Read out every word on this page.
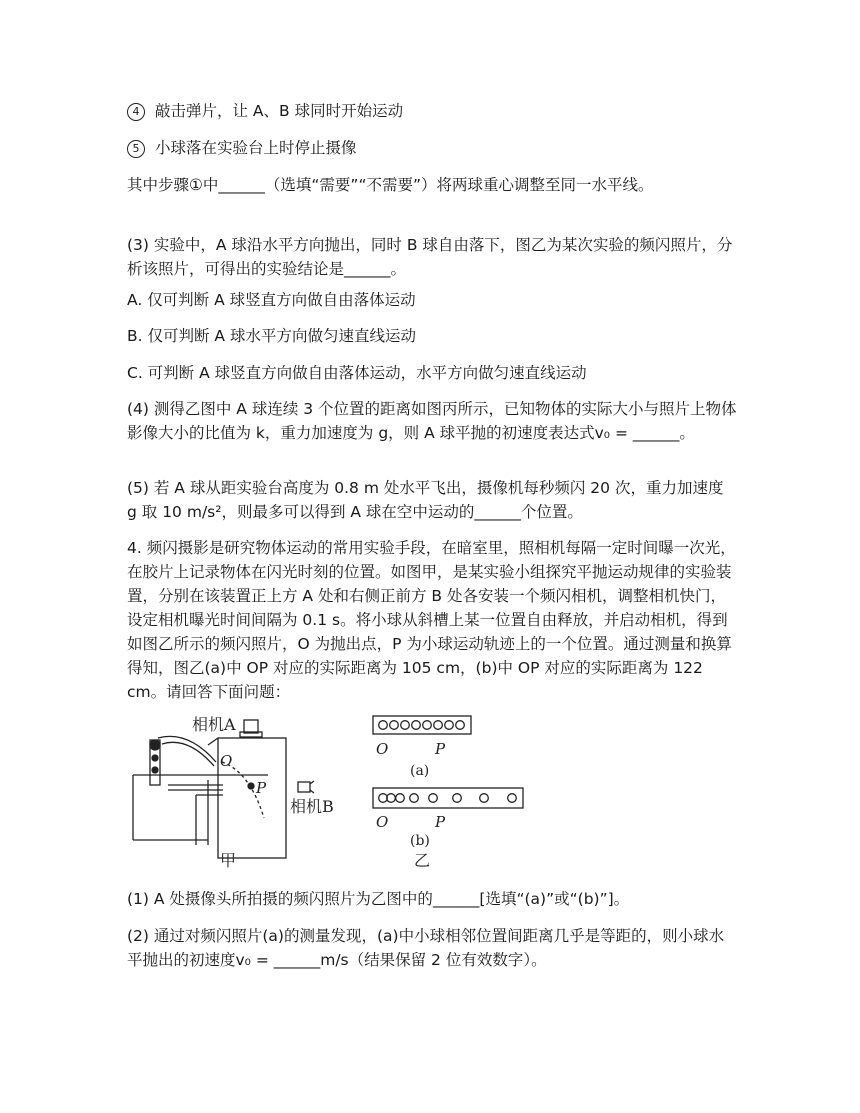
4 敲击弹片，让 A、B 球同时开始运动

5 小球落在实验台上时停止摄像

其中步骤①中______（选填“需要”“不需要”）将两球重心调整至同一水平线。

(3) 实验中，A 球沿水平方向抛出，同时 B 球自由落下，图乙为某次实验的频闪照片，分析该照片，可得出的实验结论是______。

A. 仅可判断 A 球竖直方向做自由落体运动

B. 仅可判断 A 球水平方向做匀速直线运动

C. 可判断 A 球竖直方向做自由落体运动，水平方向做匀速直线运动

(4) 测得乙图中 A 球连续 3 个位置的距离如图丙所示，已知物体的实际大小与照片上物体影像大小的比值为 k，重力加速度为 g，则 A 球平抛的初速度表达式v₀ = ______。

(5) 若 A 球从距实验台高度为 0.8 m 处水平飞出，摄像机每秒频闪 20 次，重力加速度 g 取 10 m/s²，则最多可以得到 A 球在空中运动的______个位置。

4. 频闪摄影是研究物体运动的常用实验手段，在暗室里，照相机每隔一定时间曝一次光，在胶片上记录物体在闪光时刻的位置。如图甲，是某实验小组探究平抛运动规律的实验装置，分别在该装置正上方 A 处和右侧正前方 B 处各安装一个频闪相机，调整相机快门，设定相机曝光时间间隔为 0.1 s。将小球从斜槽上某一位置自由释放，并启动相机，得到如图乙所示的频闪照片，O 为抛出点，P 为小球运动轨迹上的一个位置。通过测量和换算得知，图乙(a)中 OP 对应的实际距离为 105 cm，(b)中 OP 对应的实际距离为 122 cm。请回答下面问题：

相机A
O
P
相机B
甲
O	P
(a)
O	P
(b)
乙

(1) A 处摄像头所拍摄的频闪照片为乙图中的______[选填“(a)”或“(b)”]。

(2) 通过对频闪照片(a)的测量发现，(a)中小球相邻位置间距离几乎是等距的，则小球水平抛出的初速度v₀ = ______m/s（结果保留 2 位有效数字）。
